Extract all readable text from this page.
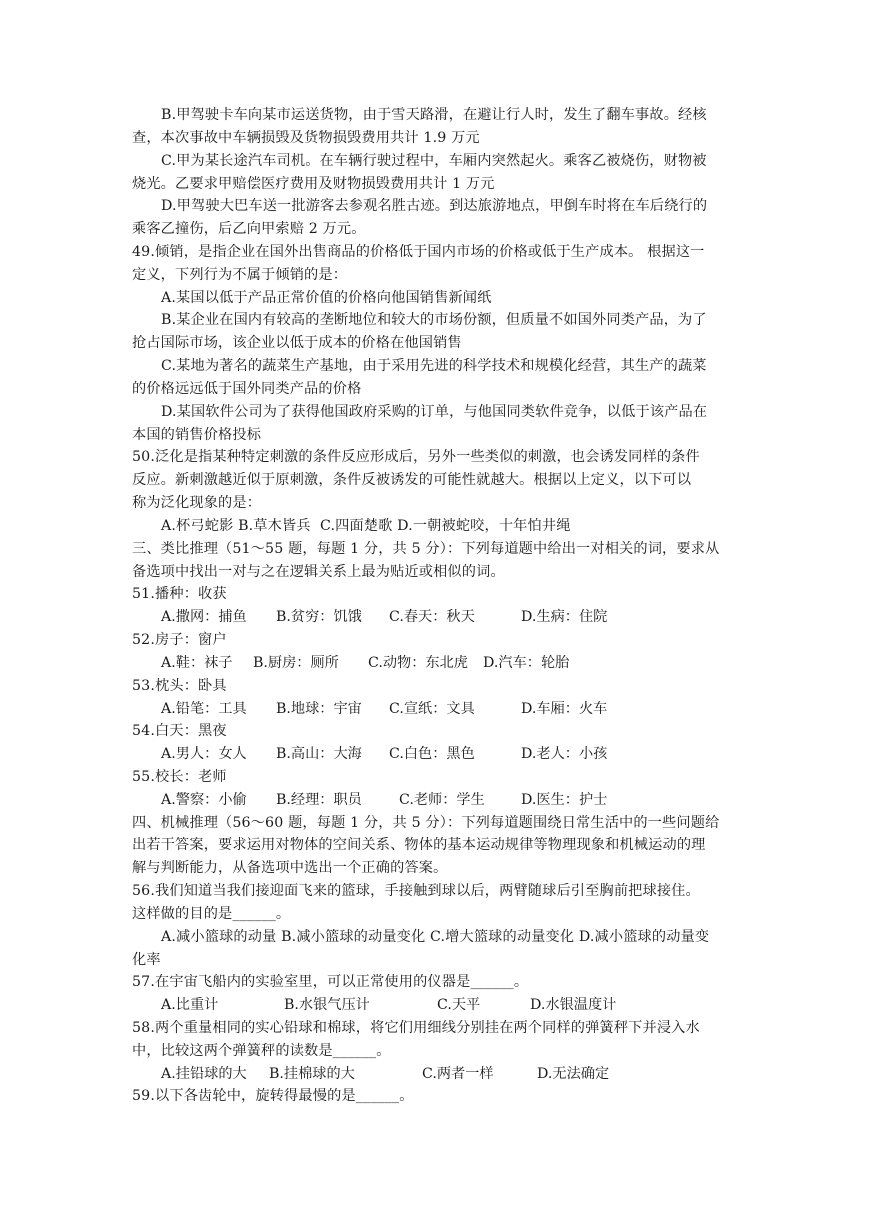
B.甲驾驶卡车向某市运送货物，由于雪天路滑，在避让行人时，发生了翻车事故。经核
查，本次事故中车辆损毁及货物损毁费用共计 1.9 万元
C.甲为某长途汽车司机。在车辆行驶过程中，车厢内突然起火。乘客乙被烧伤，财物被
烧光。乙要求甲赔偿医疗费用及财物损毁费用共计 1 万元
D.甲驾驶大巴车送一批游客去参观名胜古迹。到达旅游地点，甲倒车时将在车后绕行的
乘客乙撞伤，后乙向甲索赔 2 万元。
49.倾销，是指企业在国外出售商品的价格低于国内市场的价格或低于生产成本。 根据这一
定义，下列行为不属于倾销的是：
A.某国以低于产品正常价值的价格向他国销售新闻纸
B.某企业在国内有较高的垄断地位和较大的市场份额，但质量不如国外同类产品，为了
抢占国际市场，该企业以低于成本的价格在他国销售
C.某地为著名的蔬菜生产基地，由于采用先进的科学技术和规模化经营，其生产的蔬菜
的价格远远低于国外同类产品的价格
D.某国软件公司为了获得他国政府采购的订单，与他国同类软件竞争，以低于该产品在
本国的销售价格投标
50.泛化是指某种特定刺激的条件反应形成后，另外一些类似的刺激，也会诱发同样的条件
反应。新刺激越近似于原刺激，条件反被诱发的可能性就越大。根据以上定义，以下可以
称为泛化现象的是：
A.杯弓蛇影 B.草木皆兵  C.四面楚歌 D.一朝被蛇咬，十年怕井绳
三、类比推理（51～55 题，每题 1 分，共 5 分）：下列每道题中给出一对相关的词，要求从
备选项中找出一对与之在逻辑关系上最为贴近或相似的词。
51.播种：收获
A.撒网：捕鱼 B.贫穷：饥饿 C.春天：秋天	D.生病：住院
52.房子：窗户
A.鞋：袜子 B.厨房：厕所 C.动物：东北虎 D.汽车：轮胎
53.枕头：卧具
A.铅笔：工具 B.地球：宇宙 C.宣纸：文具	D.车厢：火车
54.白天：黑夜
A.男人：女人 B.高山：大海 C.白色：黑色	D.老人：小孩
55.校长：老师
A.警察：小偷 B.经理：职员	C.老师：学生	D.医生：护士
四、机械推理（56～60 题，每题 1 分，共 5 分）：下列每道题围绕日常生活中的一些问题给
出若干答案，要求运用对物体的空间关系、物体的基本运动规律等物理现象和机械运动的理
解与判断能力，从备选项中选出一个正确的答案。
56.我们知道当我们接迎面飞来的篮球，手接触到球以后，两臂随球后引至胸前把球接住。
这样做的目的是______。
A.减小篮球的动量 B.减小篮球的动量变化 C.增大篮球的动量变化 D.减小篮球的动量变
化率
57.在宇宙飞船内的实验室里，可以正常使用的仪器是______。
A.比重计	B.水银气压计	C.天平	D.水银温度计
58.两个重量相同的实心铅球和棉球，将它们用细线分别挂在两个同样的弹簧秤下并浸入水
中，比较这两个弹簧秤的读数是______。
A.挂铅球的大 B.挂棉球的大	C.两者一样	D.无法确定
59.以下各齿轮中，旋转得最慢的是______。
